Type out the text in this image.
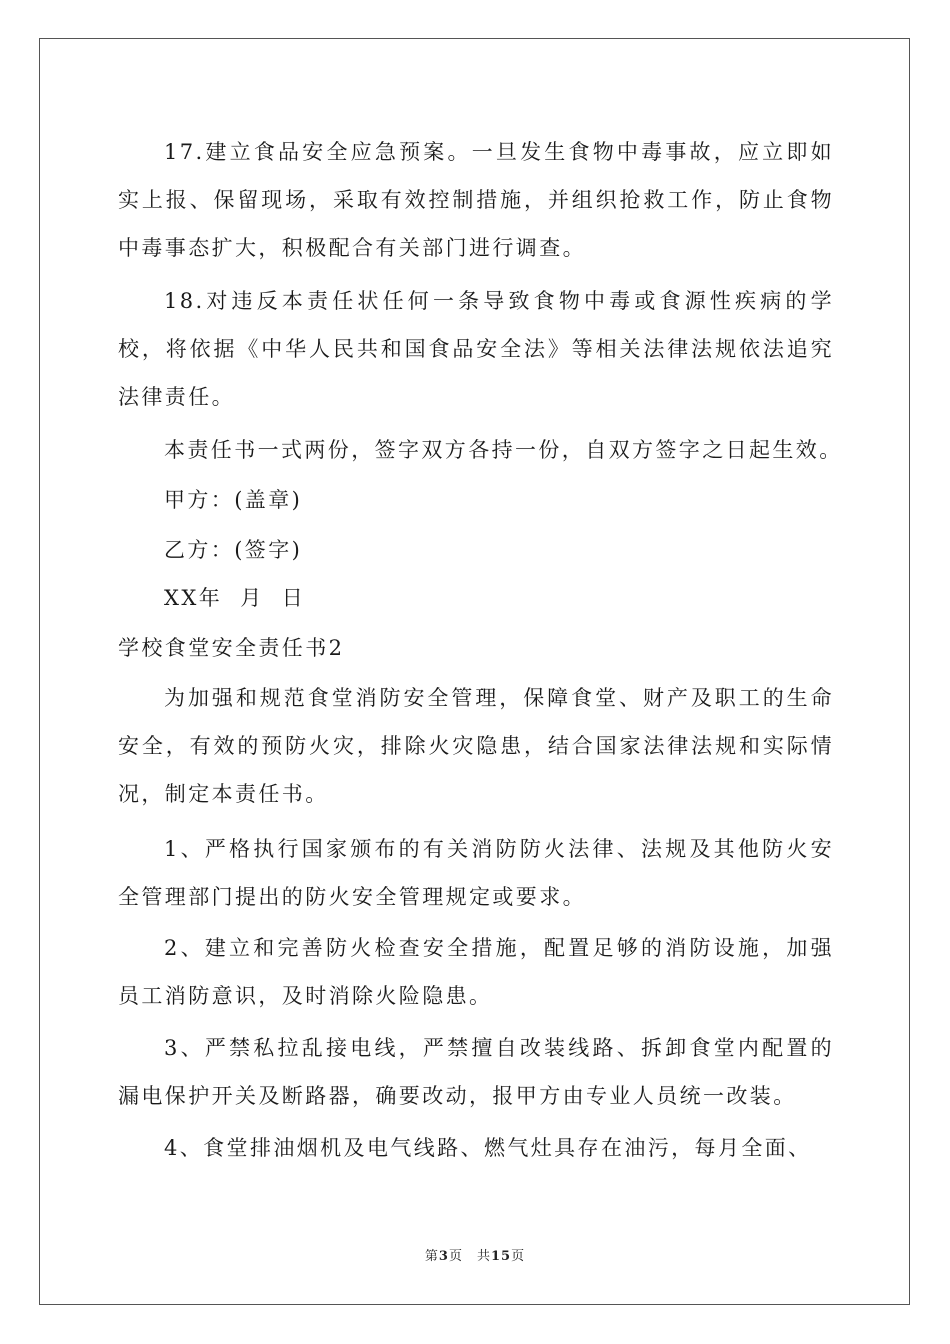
17.建立食品安全应急预案。一旦发生食物中毒事故，应立即如实上报、保留现场，采取有效控制措施，并组织抢救工作，防止食物中毒事态扩大，积极配合有关部门进行调查。

18.对违反本责任状任何一条导致食物中毒或食源性疾病的学校，将依据《中华人民共和国食品安全法》等相关法律法规依法追究法律责任。

本责任书一式两份，签字双方各持一份，自双方签字之日起生效。

甲方：(盖章)

乙方：(签字)

XX年  月  日

学校食堂安全责任书2

为加强和规范食堂消防安全管理，保障食堂、财产及职工的生命安全，有效的预防火灾，排除火灾隐患，结合国家法律法规和实际情况，制定本责任书。

1、严格执行国家颁布的有关消防防火法律、法规及其他防火安全管理部门提出的防火安全管理规定或要求。

2、建立和完善防火检查安全措施，配置足够的消防设施，加强员工消防意识，及时消除火险隐患。

3、严禁私拉乱接电线，严禁擅自改装线路、拆卸食堂内配置的漏电保护开关及断路器，确要改动，报甲方由专业人员统一改装。

4、食堂排油烟机及电气线路、燃气灶具存在油污，每月全面、

第3页 共15页
